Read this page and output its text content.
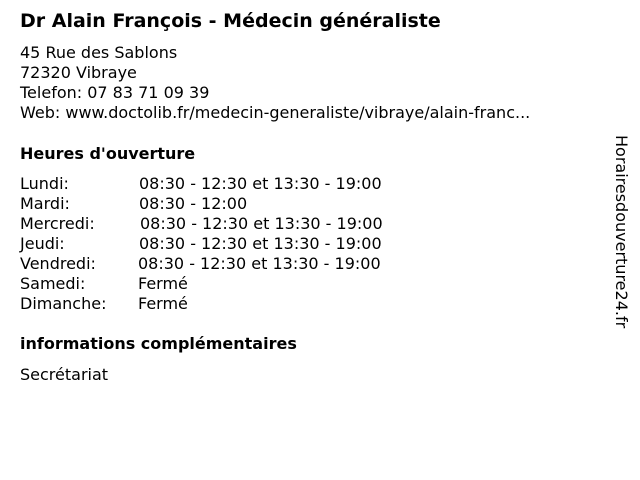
Dr Alain François - Médecin généraliste
45 Rue des Sablons
72320 Vibraye
Telefon: 07 83 71 09 39
Web: www.doctolib.fr/medecin-generaliste/vibraye/alain-franc...
Heures d'ouverture
Lundi:	08:30 - 12:30 et 13:30 - 19:00
Mardi:	08:30 - 12:00
Mercredi:	08:30 - 12:30 et 13:30 - 19:00
Jeudi:	08:30 - 12:30 et 13:30 - 19:00
Vendredi:	08:30 - 12:30 et 13:30 - 19:00
Samedi:	Fermé
Dimanche: Fermé
informations complémentaires
Secrétariat
Horairesdouverture24.fr
